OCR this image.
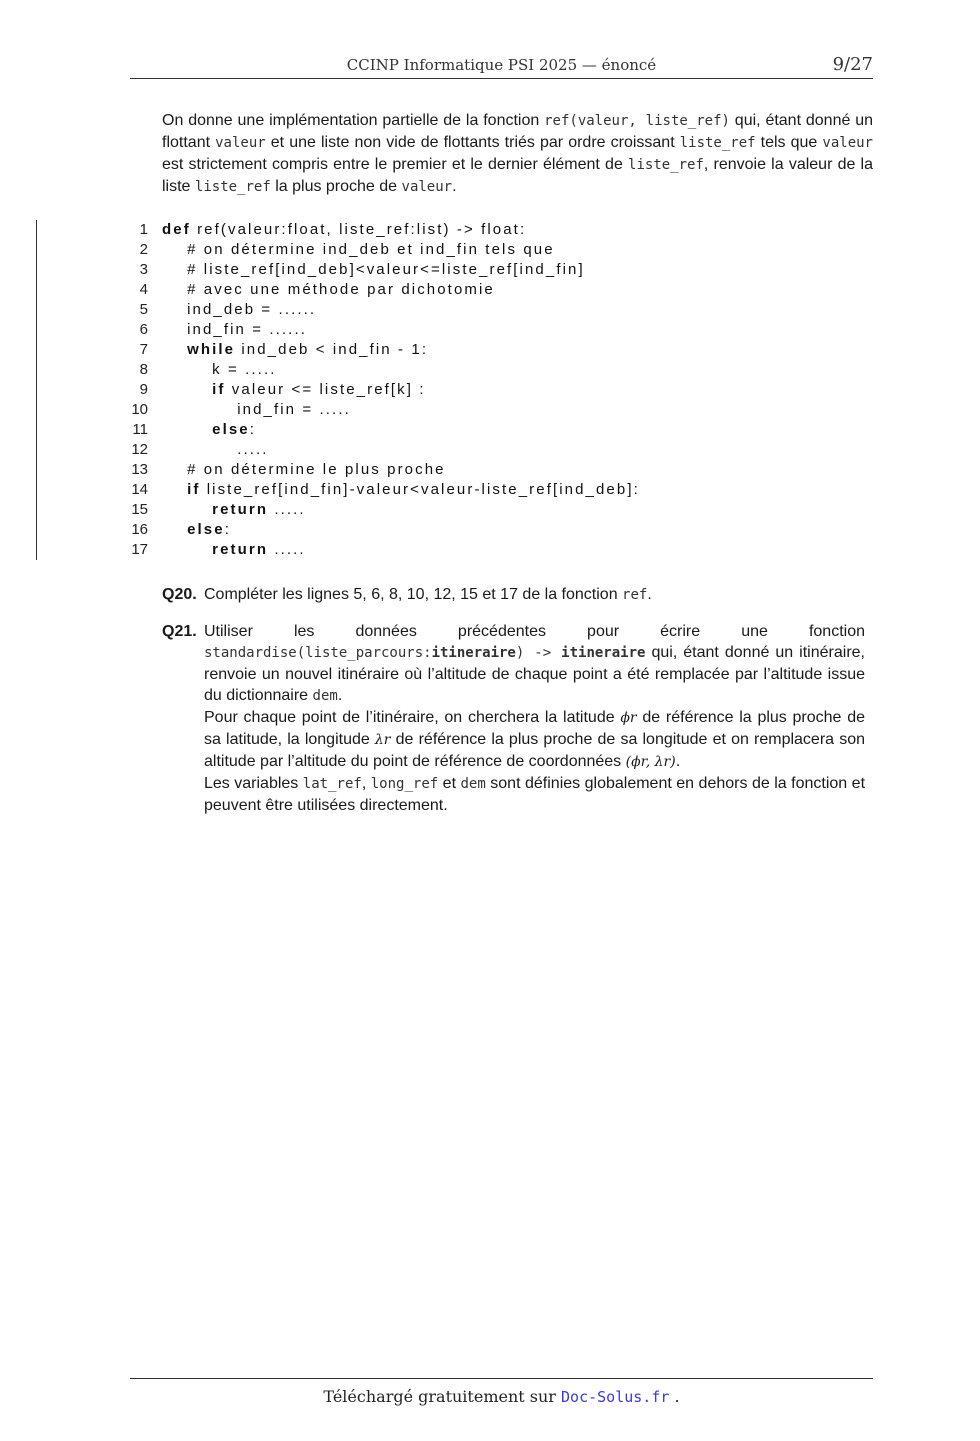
CCINP Informatique PSI 2025 — énoncé	9/27
On donne une implémentation partielle de la fonction ref(valeur, liste_ref) qui, étant donné un flottant valeur et une liste non vide de flottants triés par ordre croissant liste_ref tels que valeur est strictement compris entre le premier et le dernier élément de liste_ref, renvoie la valeur de la liste liste_ref la plus proche de valeur.
1 def ref(valeur:float, liste_ref:list) -> float:
2	# on détermine ind_deb et ind_fin tels que
3	# liste_ref[ind_deb]<valeur<=liste_ref[ind_fin]
4	# avec une méthode par dichotomie
5	ind_deb = ......
6	ind_fin = ......
7	while ind_deb < ind_fin - 1:
8	k = .....
9	if valeur <= liste_ref[k] :
10	ind_fin = .....
11	else:
12	.....
13	# on détermine le plus proche
14	if liste_ref[ind_fin]-valeur<valeur-liste_ref[ind_deb]:
15	return .....
16	else:
17	return .....
Q20. Compléter les lignes 5, 6, 8, 10, 12, 15 et 17 de la fonction ref.
Q21. Utiliser les données précédentes pour écrire une fonction standardise(liste_parcours:itineraire) -> itineraire qui, étant donné un itinéraire, renvoie un nouvel itinéraire où l’altitude de chaque point a été remplacée par l’altitude issue du dictionnaire dem.
Pour chaque point de l’itinéraire, on cherchera la latitude ϕr de référence la plus proche de sa latitude, la longitude λr de référence la plus proche de sa longitude et on remplacera son altitude par l’altitude du point de référence de coordonnées (ϕr, λr).
Les variables lat_ref, long_ref et dem sont définies globalement en dehors de la fonction et peuvent être utilisées directement.
Téléchargé gratuitement sur Doc-Solus.fr .
